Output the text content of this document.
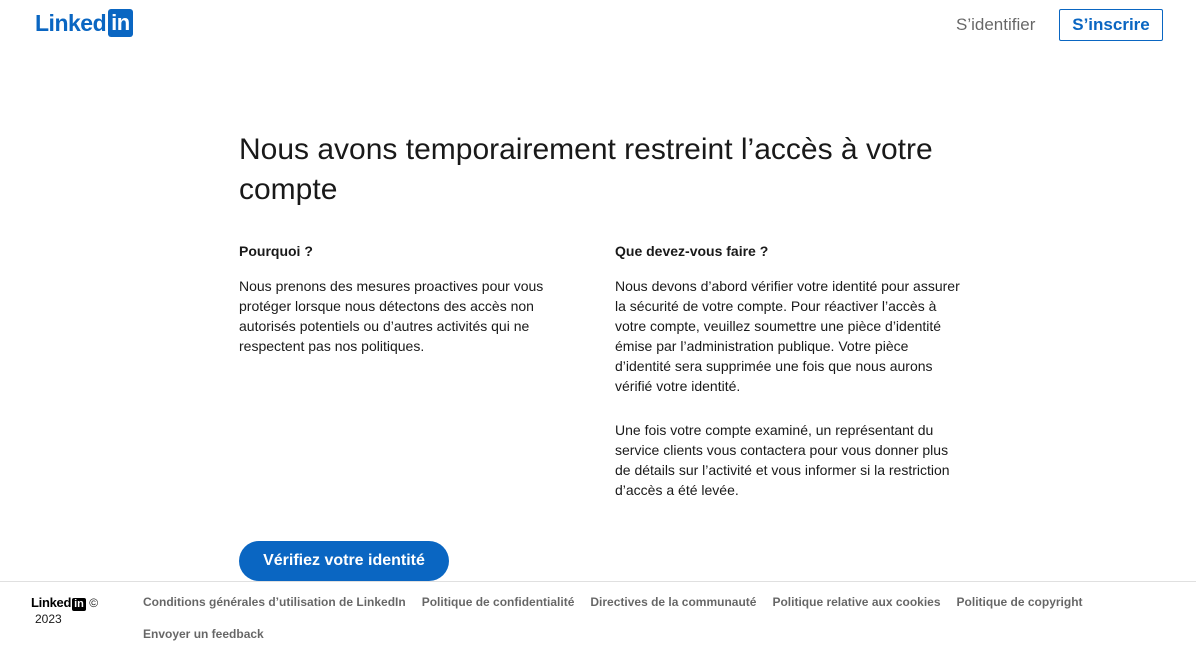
Linked in	S’identifier	S’inscrire
Nous avons temporairement restreint l’accès à votre compte
Pourquoi ?

Nous prenons des mesures proactives pour vous protéger lorsque nous détectons des accès non autorisés potentiels ou d’autres activités qui ne respectent pas nos politiques.

Que devez-vous faire ?

Nous devons d’abord vérifier votre identité pour assurer la sécurité de votre compte. Pour réactiver l’accès à votre compte, veuillez soumettre une pièce d’identité émise par l’administration publique. Votre pièce d’identité sera supprimée une fois que nous aurons vérifié votre identité.

Une fois votre compte examiné, un représentant du service clients vous contactera pour vous donner plus de détails sur l’activité et vous informer si la restriction d’accès a été levée.

Vérifiez votre identité
Linked in ©
2023
Conditions générales d’utilisation de LinkedIn Politique de confidentialité Directives de la communauté Politique relative aux cookies Politique de copyright
Envoyer un feedback
